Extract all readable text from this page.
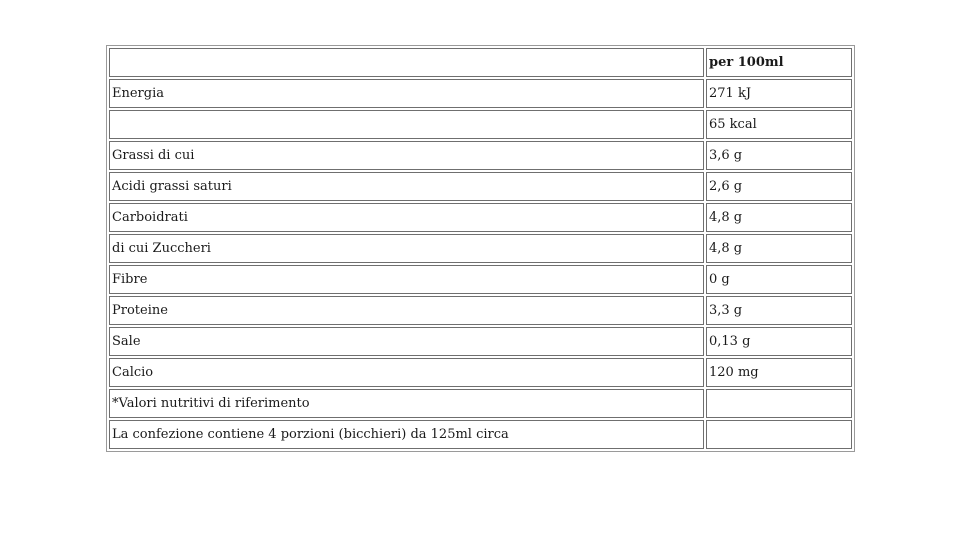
	per 100ml
Energia	271 kJ
	65 kcal
Grassi di cui	3,6 g
Acidi grassi saturi	2,6 g
Carboidrati	4,8 g
di cui Zuccheri	4,8 g
Fibre	0 g
Proteine	3,3 g
Sale	0,13 g
Calcio	120 mg
*Valori nutritivi di riferimento	
La confezione contiene 4 porzioni (bicchieri) da 125ml circa	
